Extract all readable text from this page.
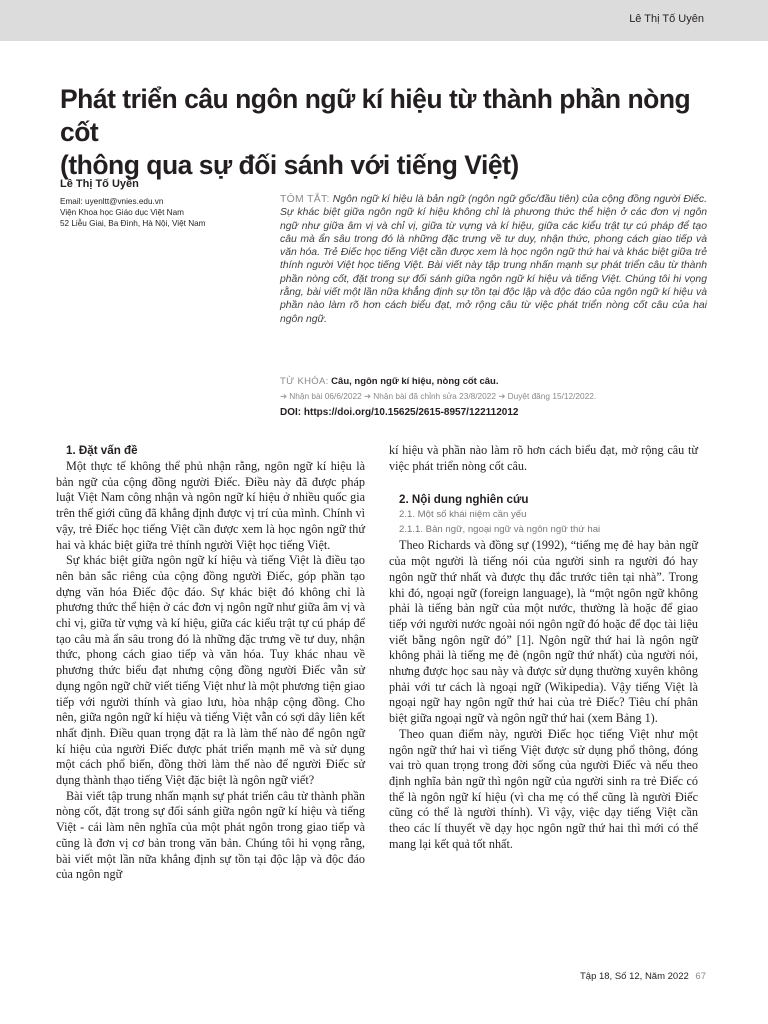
Lê Thị Tố Uyên
Phát triển câu ngôn ngữ kí hiệu từ thành phần nòng cốt
(thông qua sự đối sánh với tiếng Việt)
Lê Thị Tố Uyên
Email: uyenltt@vnies.edu.vn
Viện Khoa học Giáo dục Việt Nam
52 Liễu Giai, Ba Đình, Hà Nội, Việt Nam
TÓM TẮT: Ngôn ngữ kí hiệu là bản ngữ (ngôn ngữ gốc/đầu tiên) của cộng đồng người Điếc. Sự khác biệt giữa ngôn ngữ kí hiệu không chỉ là phương thức thể hiện ở các đơn vị ngôn ngữ như giữa âm vị và chỉ vị, giữa từ vựng và kí hiệu, giữa các kiểu trật tự cú pháp để tạo câu mà ẩn sâu trong đó là những đặc trưng về tư duy, nhận thức, phong cách giao tiếp và văn hóa. Trẻ Điếc học tiếng Việt cần được xem là học ngôn ngữ thứ hai và khác biệt giữa trẻ thính người Việt học tiếng Việt. Bài viết này tập trung nhấn mạnh sự phát triển câu từ thành phần nòng cốt, đặt trong sự đối sánh giữa ngôn ngữ kí hiệu và tiếng Việt. Chúng tôi hi vọng rằng, bài viết một lần nữa khẳng định sự tồn tại độc lập và độc đáo của ngôn ngữ kí hiệu và phần nào làm rõ hơn cách biểu đạt, mở rộng câu từ việc phát triển nòng cốt câu của hai ngôn ngữ.
TỪ KHÓA: Câu, ngôn ngữ kí hiệu, nòng cốt câu.
➜ Nhận bài 06/6/2022 ➜ Nhận bài đã chỉnh sửa 23/8/2022 ➜ Duyệt đăng 15/12/2022.
DOI: https://doi.org/10.15625/2615-8957/122112012
1. Đặt vấn đề

Một thực tế không thể phủ nhận rằng, ngôn ngữ kí hiệu là bản ngữ của cộng đồng người Điếc. Điều này đã được pháp luật Việt Nam công nhận và ngôn ngữ kí hiệu ở nhiều quốc gia trên thế giới cũng đã khẳng định được vị trí của mình. Chính vì vậy, trẻ Điếc học tiếng Việt cần được xem là học ngôn ngữ thứ hai và khác biệt giữa trẻ thính người Việt học tiếng Việt.

Sự khác biệt giữa ngôn ngữ kí hiệu và tiếng Việt là điều tạo nên bản sắc riêng của cộng đồng người Điếc, góp phần tạo dựng văn hóa Điếc độc đáo. Sự khác biệt đó không chỉ là phương thức thể hiện ở các đơn vị ngôn ngữ như giữa âm vị và chỉ vị, giữa từ vựng và kí hiệu, giữa các kiểu trật tự cú pháp để tạo câu mà ẩn sâu trong đó là những đặc trưng về tư duy, nhận thức, phong cách giao tiếp và văn hóa. Tuy khác nhau về phương thức biểu đạt nhưng cộng đồng người Điếc vẫn sử dụng ngôn ngữ chữ viết tiếng Việt như là một phương tiện giao tiếp với người thính và giao lưu, hòa nhập cộng đồng. Cho nên, giữa ngôn ngữ kí hiệu và tiếng Việt vẫn có sợi dây liên kết nhất định. Điều quan trọng đặt ra là làm thế nào để ngôn ngữ kí hiệu của người Điếc được phát triển mạnh mẽ và sử dụng một cách phổ biến, đồng thời làm thế nào để người Điếc sử dụng thành thạo tiếng Việt đặc biệt là ngôn ngữ viết?

Bài viết tập trung nhấn mạnh sự phát triển câu từ thành phần nòng cốt, đặt trong sự đối sánh giữa ngôn ngữ kí hiệu và tiếng Việt - cái làm nên nghĩa của một phát ngôn trong giao tiếp và cũng là đơn vị cơ bản trong văn bản. Chúng tôi hi vọng rằng, bài viết một lần nữa khẳng định sự tồn tại độc lập và độc đáo của ngôn ngữ

kí hiệu và phần nào làm rõ hơn cách biểu đạt, mở rộng câu từ việc phát triển nòng cốt câu.

2. Nội dung nghiên cứu
2.1. Một số khái niệm cần yếu
2.1.1. Bản ngữ, ngoại ngữ và ngôn ngữ thứ hai

Theo Richards và đồng sự (1992), “tiếng mẹ đẻ hay bản ngữ của một người là tiếng nói của người sinh ra người đó hay ngôn ngữ thứ nhất và được thụ đắc trước tiên tại nhà”. Trong khi đó, ngoại ngữ (foreign language), là “một ngôn ngữ không phải là tiếng bản ngữ của một nước, thường là hoặc để giao tiếp với người nước ngoài nói ngôn ngữ đó hoặc để đọc tài liệu viết bằng ngôn ngữ đó” [1]. Ngôn ngữ thứ hai là ngôn ngữ không phải là tiếng mẹ đẻ (ngôn ngữ thứ nhất) của người nói, nhưng được học sau này và được sử dụng thường xuyên không phải với tư cách là ngoại ngữ (Wikipedia). Vậy tiếng Việt là ngoại ngữ hay ngôn ngữ thứ hai của trẻ Điếc? Tiêu chí phân biệt giữa ngoại ngữ và ngôn ngữ thứ hai (xem Bảng 1).

Theo quan điểm này, người Điếc học tiếng Việt như một ngôn ngữ thứ hai vì tiếng Việt được sử dụng phổ thông, đóng vai trò quan trọng trong đời sống của người Điếc và nếu theo định nghĩa bản ngữ thì ngôn ngữ của người sinh ra trẻ Điếc có thể là ngôn ngữ kí hiệu (vì cha mẹ có thể cũng là người Điếc cũng có thể là người thính). Vì vậy, việc dạy tiếng Việt cần theo các lí thuyết về dạy học ngôn ngữ thứ hai thì mới có thể mang lại kết quả tốt nhất.

Tập 18, Số 12, Năm 2022 67
